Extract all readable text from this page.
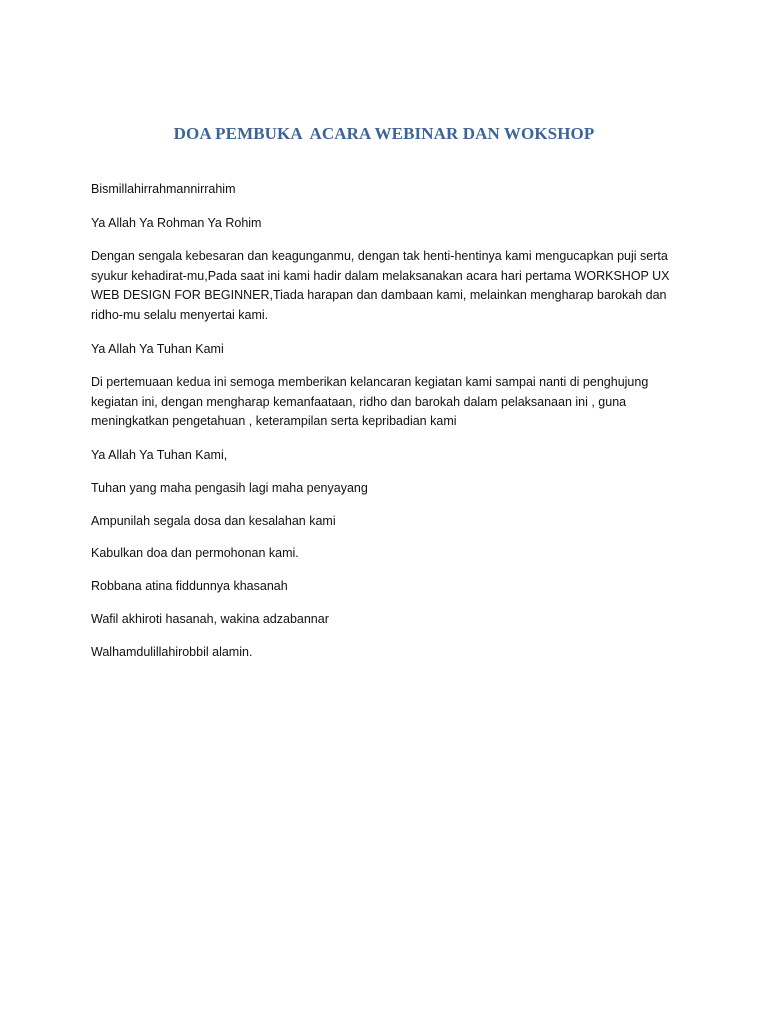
DOA PEMBUKA  ACARA WEBINAR DAN WOKSHOP

Bismillahirrahmannirrahim

Ya Allah Ya Rohman Ya Rohim

Dengan sengala kebesaran dan keagunganmu, dengan tak henti-hentinya kami mengucapkan puji serta
syukur kehadirat-mu,Pada saat ini kami hadir dalam melaksanakan acara hari pertama WORKSHOP UX
WEB DESIGN FOR BEGINNER,Tiada harapan dan dambaan kami, melainkan mengharap barokah dan
ridho-mu selalu menyertai kami.

Ya Allah Ya Tuhan Kami

Di pertemuaan kedua ini semoga memberikan kelancaran kegiatan kami sampai nanti di penghujung
kegiatan ini, dengan mengharap kemanfaataan, ridho dan barokah dalam pelaksanaan ini , guna
meningkatkan pengetahuan , keterampilan serta kepribadian kami

Ya Allah Ya Tuhan Kami,

Tuhan yang maha pengasih lagi maha penyayang

Ampunilah segala dosa dan kesalahan kami

Kabulkan doa dan permohonan kami.

Robbana atina fiddunnya khasanah

Wafil akhiroti hasanah, wakina adzabannar

Walhamdulillahirobbil alamin.
